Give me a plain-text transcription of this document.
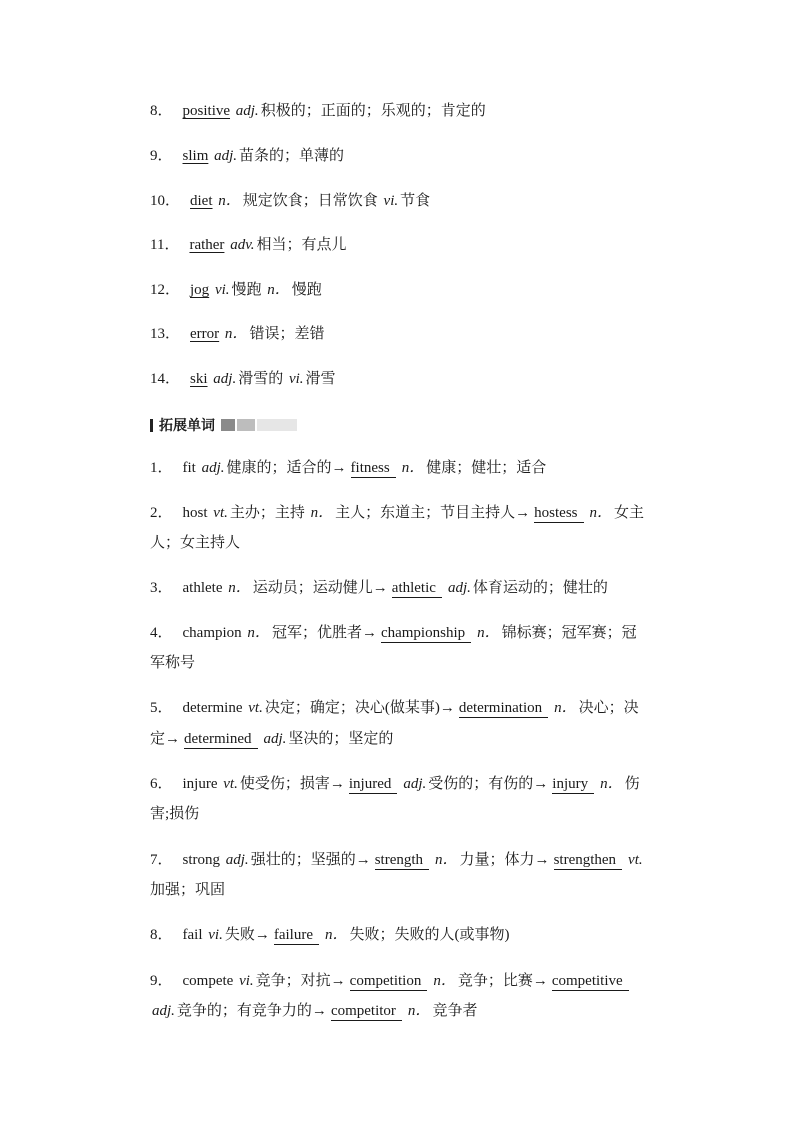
8． positive adj. 积极的；正面的；乐观的；肯定的
9． slim adj. 苗条的；单薄的
10． diet n． 规定饮食；日常饮食 vi. 节食
11． rather adv. 相当；有点儿
12． jog vi. 慢跑 n． 慢跑
13． error n． 错误；差错
14． ski adj. 滑雪的 vi. 滑雪
拓展单词
1． fit adj. 健康的；适合的→ fitness n． 健康；健壮；适合
2． host vt. 主办；主持 n． 主人；东道主；节目主持人→ hostess n． 女主
人；女主持人
3． athlete n． 运动员；运动健儿→ athletic adj. 体育运动的；健壮的
4． champion n． 冠军；优胜者→ championship n． 锦标赛；冠军赛；冠
军称号
5． determine vt. 决定；确定；决心(做某事)→ determination n． 决心；决
定→ determined adj. 坚决的；坚定的
6． injure vt. 使受伤；损害→ injured adj. 受伤的；有伤的→ injury n． 伤
害;损伤
7． strong adj. 强壮的；坚强的→ strength n． 力量；体力→ strengthen vt.
加强；巩固
8． fail vi. 失败→ failure n． 失败；失败的人(或事物)
9． compete vi. 竞争；对抗→ competition n． 竞争；比赛→ competitive
adj. 竞争的；有竞争力的→ competitor n． 竞争者
